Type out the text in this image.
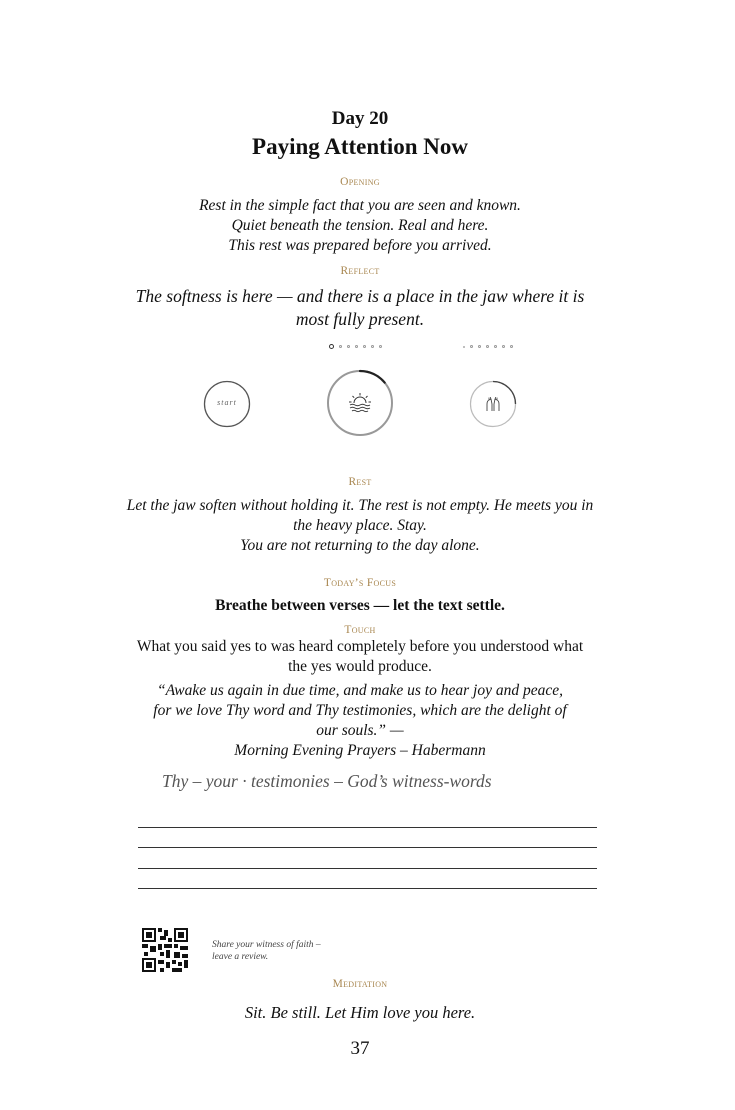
Day 20
Paying Attention Now
Opening
Rest in the simple fact that you are seen and known.
Quiet beneath the tension. Real and here.
This rest was prepared before you arrived.
Reflect
The softness is here — and there is a place in the jaw where it is most fully present.
start
Rest
Let the jaw soften without holding it. The rest is not empty. He meets you in the heavy place. Stay.
You are not returning to the day alone.
Today’s Focus
Breathe between verses — let the text settle.
Touch
What you said yes to was heard completely before you understood what the yes would produce.
“Awake us again in due time, and make us to hear joy and peace, for we love Thy word and Thy testimonies, which are the delight of our souls.” —
Morning Evening Prayers – Habermann
Thy – your · testimonies – God’s witness-words
Share your witness of faith –
leave a review.
Meditation
Sit. Be still. Let Him love you here.
37
